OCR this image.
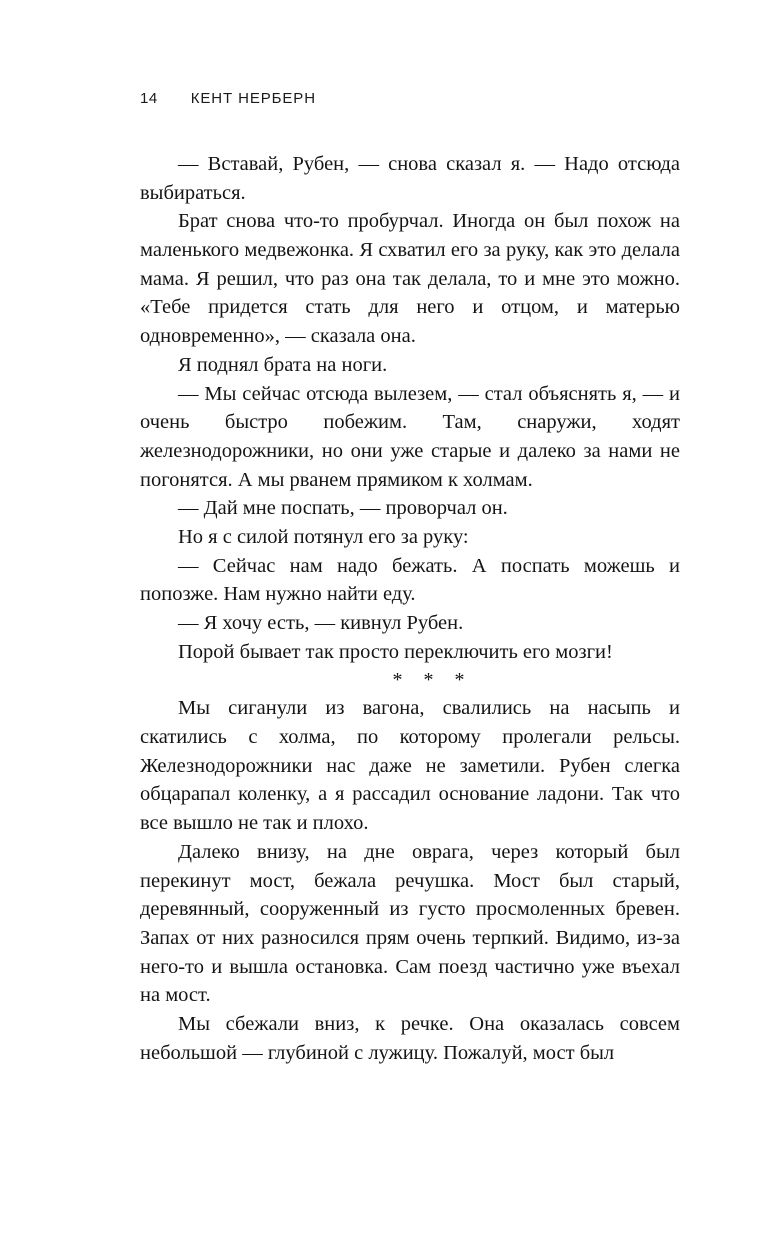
14 КЕНТ НЕРБЕРН

— Вставай, Рубен, — снова сказал я. — Надо отсюда выбираться.

Брат снова что-то пробурчал. Иногда он был похож на маленького медвежонка. Я схватил его за руку, как это делала мама. Я решил, что раз она так делала, то и мне это можно. «Тебе придется стать для него и отцом, и матерью одновременно», — сказала она.

Я поднял брата на ноги.

— Мы сейчас отсюда вылезем, — стал объяснять я, — и очень быстро побежим. Там, снаружи, ходят железнодорожники, но они уже старые и далеко за нами не погонятся. А мы рванем прямиком к холмам.

— Дай мне поспать, — проворчал он.

Но я с силой потянул его за руку:

— Сейчас нам надо бежать. А поспать можешь и попозже. Нам нужно найти еду.

— Я хочу есть, — кивнул Рубен.

Порой бывает так просто переключить его мозги!

* * *

Мы сиганули из вагона, свалились на насыпь и скатились с холма, по которому пролегали рельсы. Железнодорожники нас даже не заметили. Рубен слегка обцарапал коленку, а я рассадил основание ладони. Так что все вышло не так и плохо.

Далеко внизу, на дне оврага, через который был перекинут мост, бежала речушка. Мост был старый, деревянный, сооруженный из густо просмоленных бревен. Запах от них разносился прям очень терпкий. Видимо, из-за него-то и вышла остановка. Сам поезд частично уже въехал на мост.

Мы сбежали вниз, к речке. Она оказалась совсем небольшой — глубиной с лужицу. Пожалуй, мост был
